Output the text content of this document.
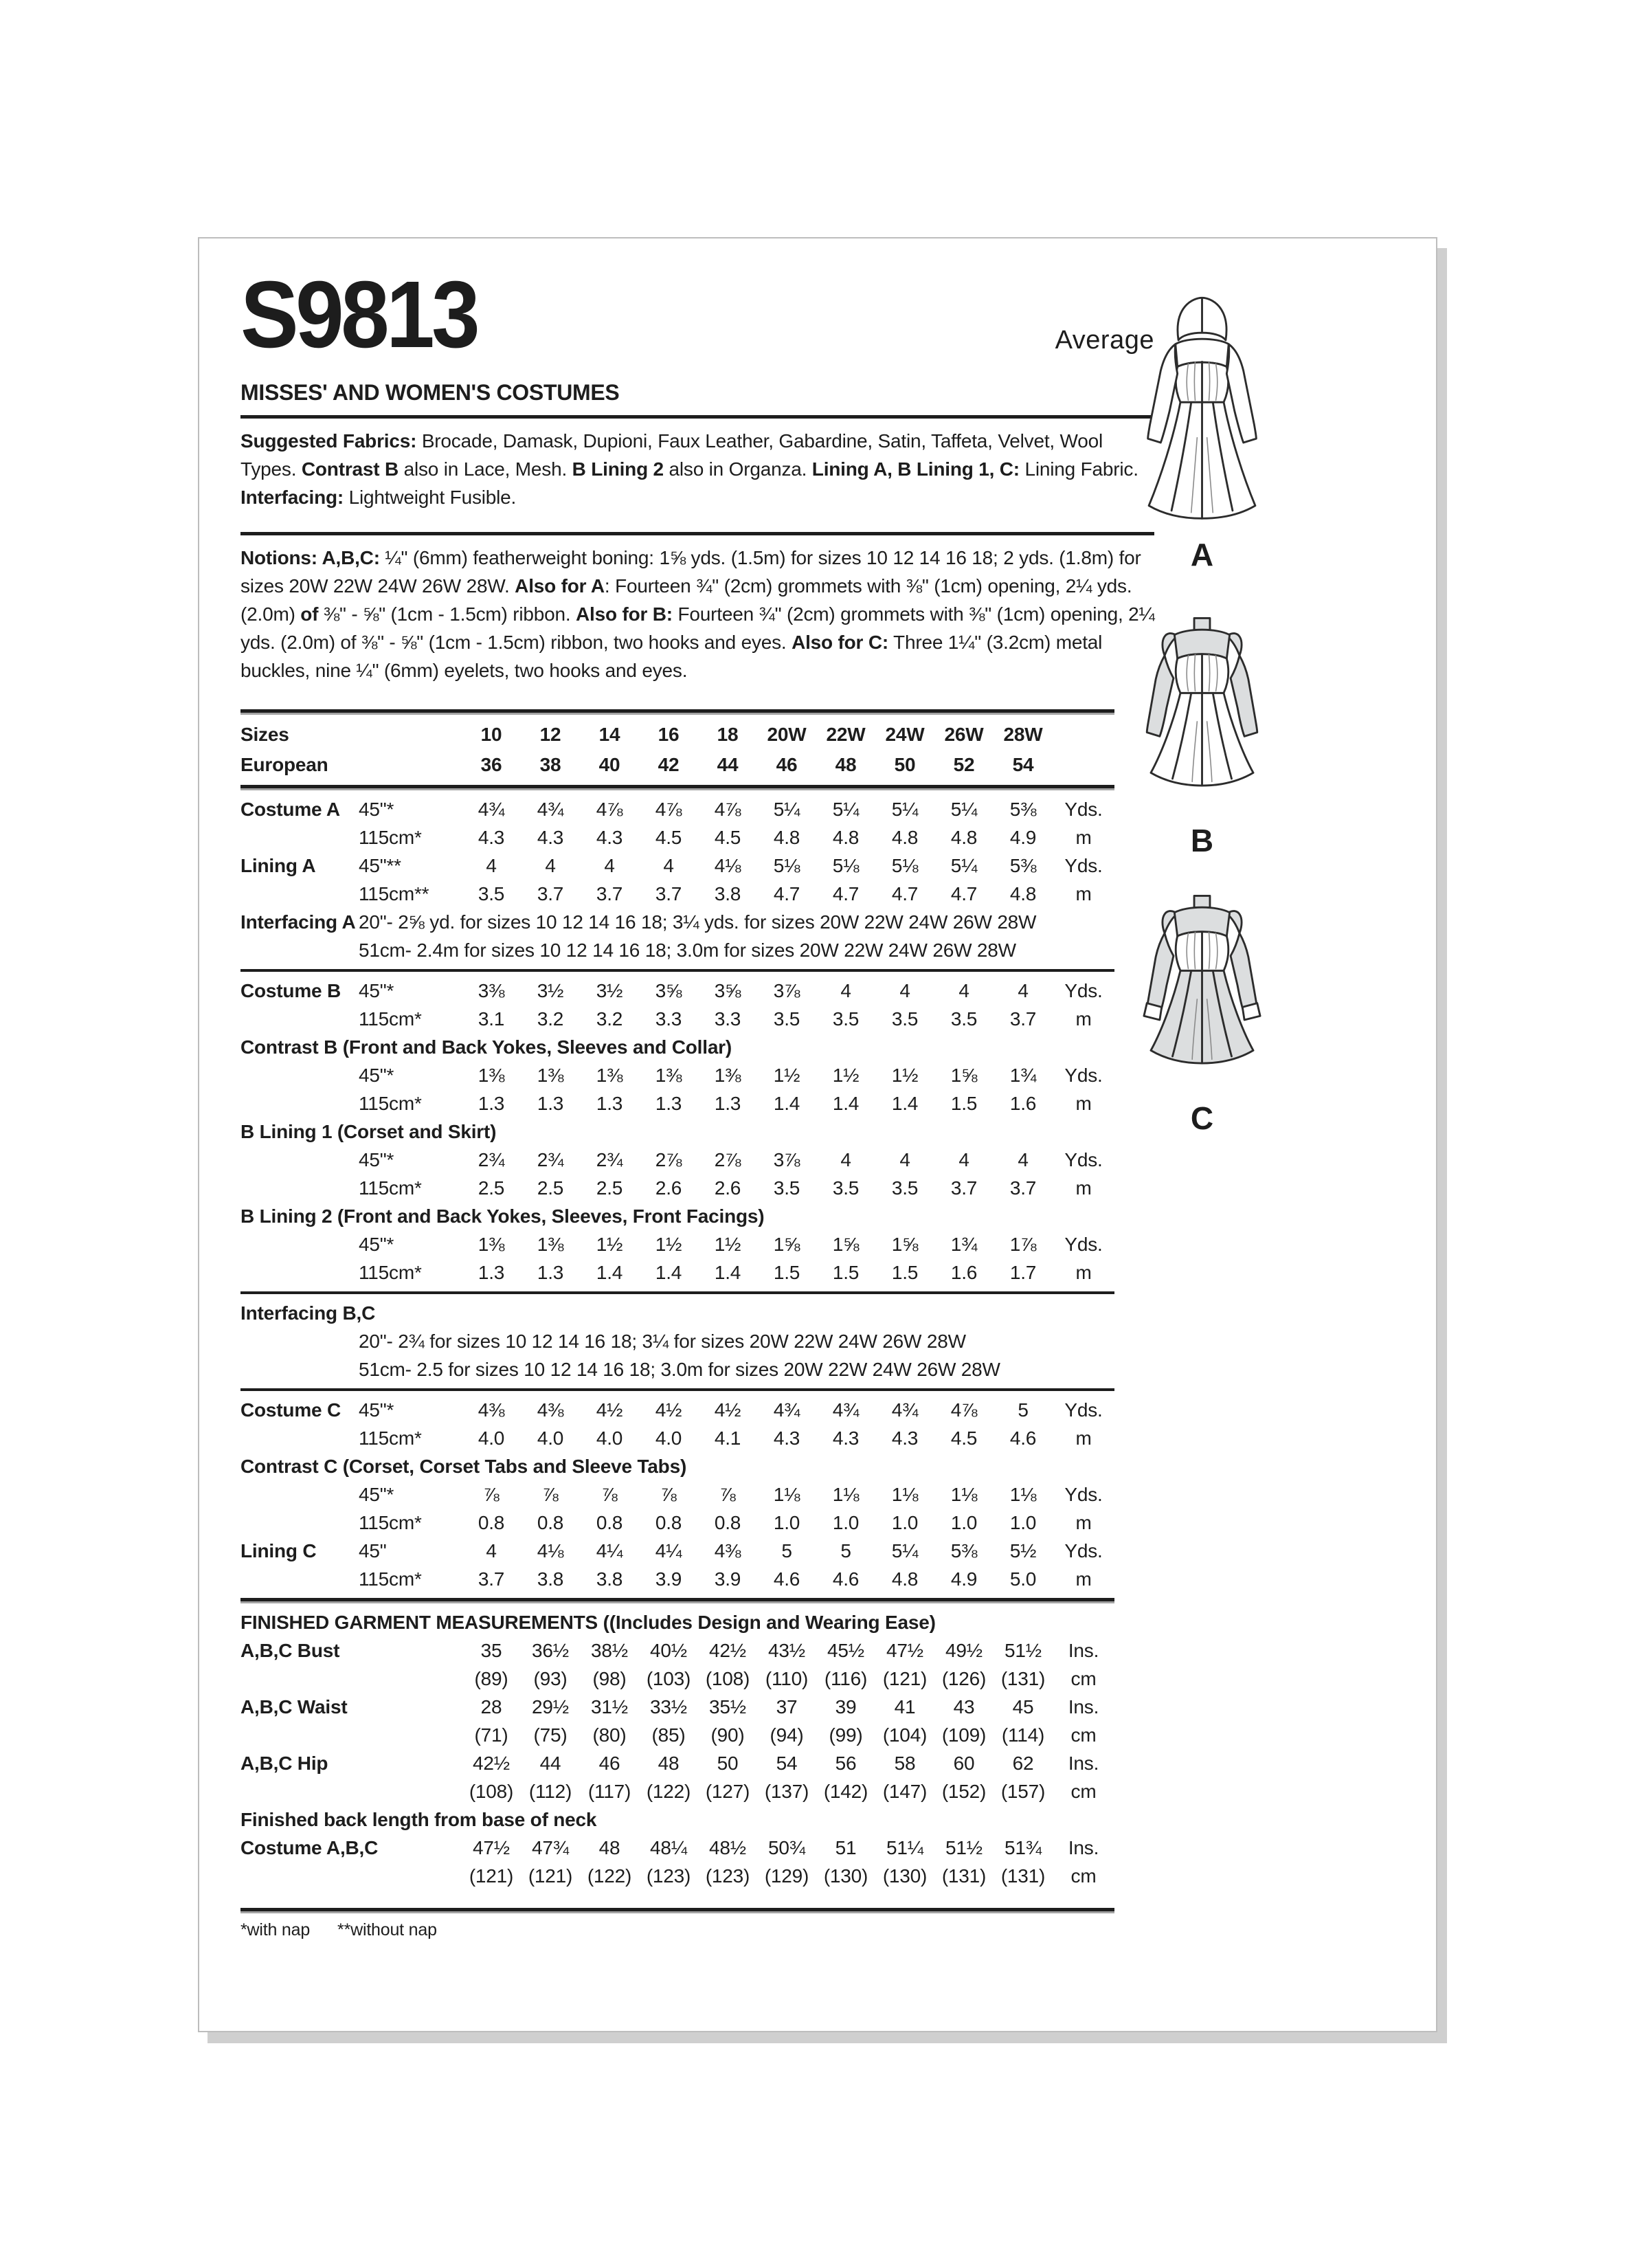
S9813	Average
MISSES' AND WOMEN'S COSTUMES

Suggested Fabrics: Brocade, Damask, Dupioni, Faux Leather, Gabardine, Satin, Taffeta, Velvet, Wool Types. Contrast B also in Lace, Mesh. B Lining 2 also in Organza. Lining A, B Lining 1, C: Lining Fabric. Interfacing: Lightweight Fusible.

Notions: A,B,C: ¼" (6mm) featherweight boning: 1⅝ yds. (1.5m) for sizes 10 12 14 16 18; 2 yds. (1.8m) for sizes 20W 22W 24W 26W 28W. Also for A: Fourteen ¾" (2cm) grommets with ⅜" (1cm) opening, 2¼ yds. (2.0m) of ⅜" - ⅝" (1cm - 1.5cm) ribbon. Also for B: Fourteen ¾" (2cm) grommets with ⅜" (1cm) opening, 2¼ yds. (2.0m) of ⅜" - ⅝" (1cm - 1.5cm) ribbon, two hooks and eyes. Also for C: Three 1¼" (3.2cm) metal buckles, nine ¼" (6mm) eyelets, two hooks and eyes.

Sizes	10	12	14	16	18	20W	22W	24W	26W	28W
European	36	38	40	42	44	46	48	50	52	54
Costume A 45"*	4¾	4¾	4⅞	4⅞	4⅞	5¼	5¼	5¼	5¼	5⅜	Yds.
115cm*	4.3	4.3	4.3	4.5	4.5	4.8	4.8	4.8	4.8	4.9	m
Lining A	45"**	4	4	4	4	4⅛	5⅛	5⅛	5⅛	5¼	5⅜	Yds.
115cm**	3.5	3.7	3.7	3.7	3.8	4.7	4.7	4.7	4.7	4.8	m
Interfacing A 20"- 2⅝ yd. for sizes 10 12 14 16 18; 3¼ yds. for sizes 20W 22W 24W 26W 28W
51cm- 2.4m for sizes 10 12 14 16 18; 3.0m for sizes 20W 22W 24W 26W 28W
Costume B 45"*	3⅜	3½	3½	3⅝	3⅝	3⅞	4	4	4	4	Yds.
115cm*	3.1	3.2	3.2	3.3	3.3	3.5	3.5	3.5	3.5	3.7	m
Contrast B (Front and Back Yokes, Sleeves and Collar)
45"*	1⅜	1⅜	1⅜	1⅜	1⅜	1½	1½	1½	1⅝	1¾	Yds.
115cm*	1.3	1.3	1.3	1.3	1.3	1.4	1.4	1.4	1.5	1.6	m
B Lining 1 (Corset and Skirt)
45"*	2¾	2¾	2¾	2⅞	2⅞	3⅞	4	4	4	4	Yds.
115cm*	2.5	2.5	2.5	2.6	2.6	3.5	3.5	3.5	3.7	3.7	m
B Lining 2 (Front and Back Yokes, Sleeves, Front Facings)
45"*	1⅜	1⅜	1½	1½	1½	1⅝	1⅝	1⅝	1¾	1⅞	Yds.
115cm*	1.3	1.3	1.4	1.4	1.4	1.5	1.5	1.5	1.6	1.7	m
Interfacing B,C
20"- 2¾ for sizes 10 12 14 16 18; 3¼ for sizes 20W 22W 24W 26W 28W
51cm- 2.5 for sizes 10 12 14 16 18; 3.0m for sizes 20W 22W 24W 26W 28W
Costume C 45"*	4⅜	4⅜	4½	4½	4½	4¾	4¾	4¾	4⅞	5	Yds.
115cm*	4.0	4.0	4.0	4.0	4.1	4.3	4.3	4.3	4.5	4.6	m
Contrast C (Corset, Corset Tabs and Sleeve Tabs)
45"*	⅞	⅞	⅞	⅞	⅞	1⅛	1⅛	1⅛	1⅛	1⅛	Yds.
115cm*	0.8	0.8	0.8	0.8	0.8	1.0	1.0	1.0	1.0	1.0	m
Lining C	45"	4	4⅛	4¼	4¼	4⅜	5	5	5¼	5⅜	5½	Yds.
115cm*	3.7	3.8	3.8	3.9	3.9	4.6	4.6	4.8	4.9	5.0	m
FINISHED GARMENT MEASUREMENTS ((Includes Design and Wearing Ease)
A,B,C Bust	35	36½	38½	40½	42½	43½	45½	47½	49½	51½	Ins.
(89)	(93)	(98)	(103) (108) (110) (116) (121) (126) (131)	cm
A,B,C Waist	28	29½	31½	33½	35½	37	39	41	43	45	Ins.
(71)	(75)	(80)	(85)	(90)	(94)	(99)	(104) (109) (114)	cm
A,B,C Hip	42½	44	46	48	50	54	56	58	60	62	Ins.
(108) (112) (117) (122) (127) (137) (142) (147) (152) (157)	cm
Finished back length from base of neck
Costume A,B,C	47½	47¾	48	48¼	48½	50¾	51	51¼	51½	51¾	Ins.
(121) (121) (122) (123) (123) (129) (130) (130) (131) (131)	cm
*with nap **without nap
A
B
C
